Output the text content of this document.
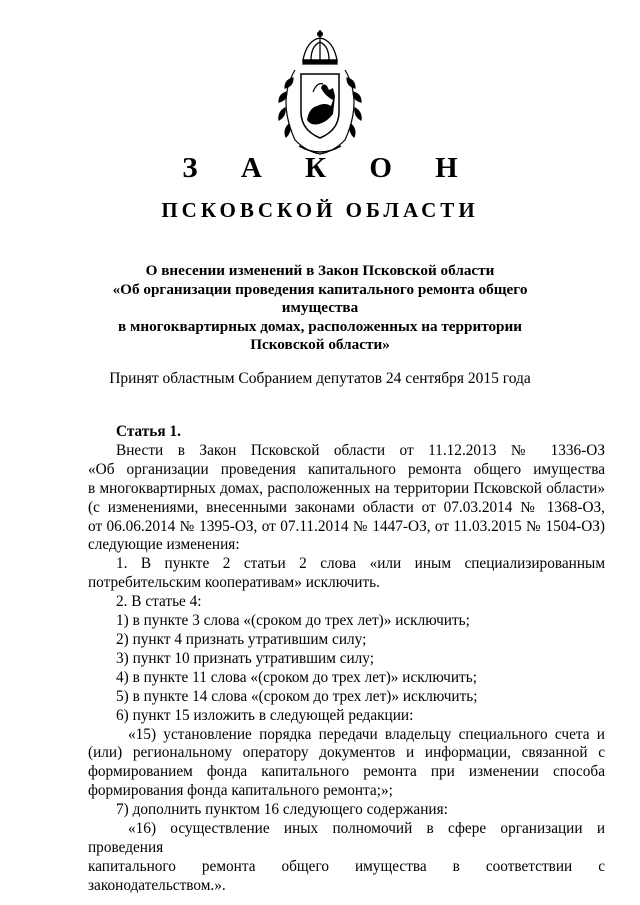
З А К О Н
ПСКОВСКОЙ ОБЛАСТИ
О внесении изменений в Закон Псковской области
«Об организации проведения капитального ремонта общего имущества
в многоквартирных домах, расположенных на территории
Псковской области»
Принят областным Собранием депутатов 24 сентября 2015 года

Статья 1.

Внести в Закон Псковской области от 11.12.2013 № 1336-ОЗ
«Об организации проведения капитального ремонта общего имущества
в многоквартирных домах, расположенных на территории Псковской области»
(с изменениями, внесенными законами области от 07.03.2014 № 1368-ОЗ,
от 06.06.2014 № 1395-ОЗ, от 07.11.2014 № 1447-ОЗ, от 11.03.2015 № 1504-ОЗ)
следующие изменения:
1. В пункте 2 статьи 2 слова «или иным специализированным
потребительским кооперативам» исключить.
2. В статье 4:
1) в пункте 3 слова «(сроком до трех лет)» исключить;
2) пункт 4 признать утратившим силу;
3) пункт 10 признать утратившим силу;
4) в пункте 11 слова «(сроком до трех лет)» исключить;
5) в пункте 14 слова «(сроком до трех лет)» исключить;
6) пункт 15 изложить в следующей редакции:
«15) установление порядка передачи владельцу специального счета и
(или) региональному оператору документов и информации, связанной с
формированием фонда капитального ремонта при изменении способа
формирования фонда капитального ремонта;»;
7) дополнить пунктом 16 следующего содержания:
«16) осуществление иных полномочий в сфере организации и проведения
капитального ремонта общего имущества в соответствии с
законодательством.».
